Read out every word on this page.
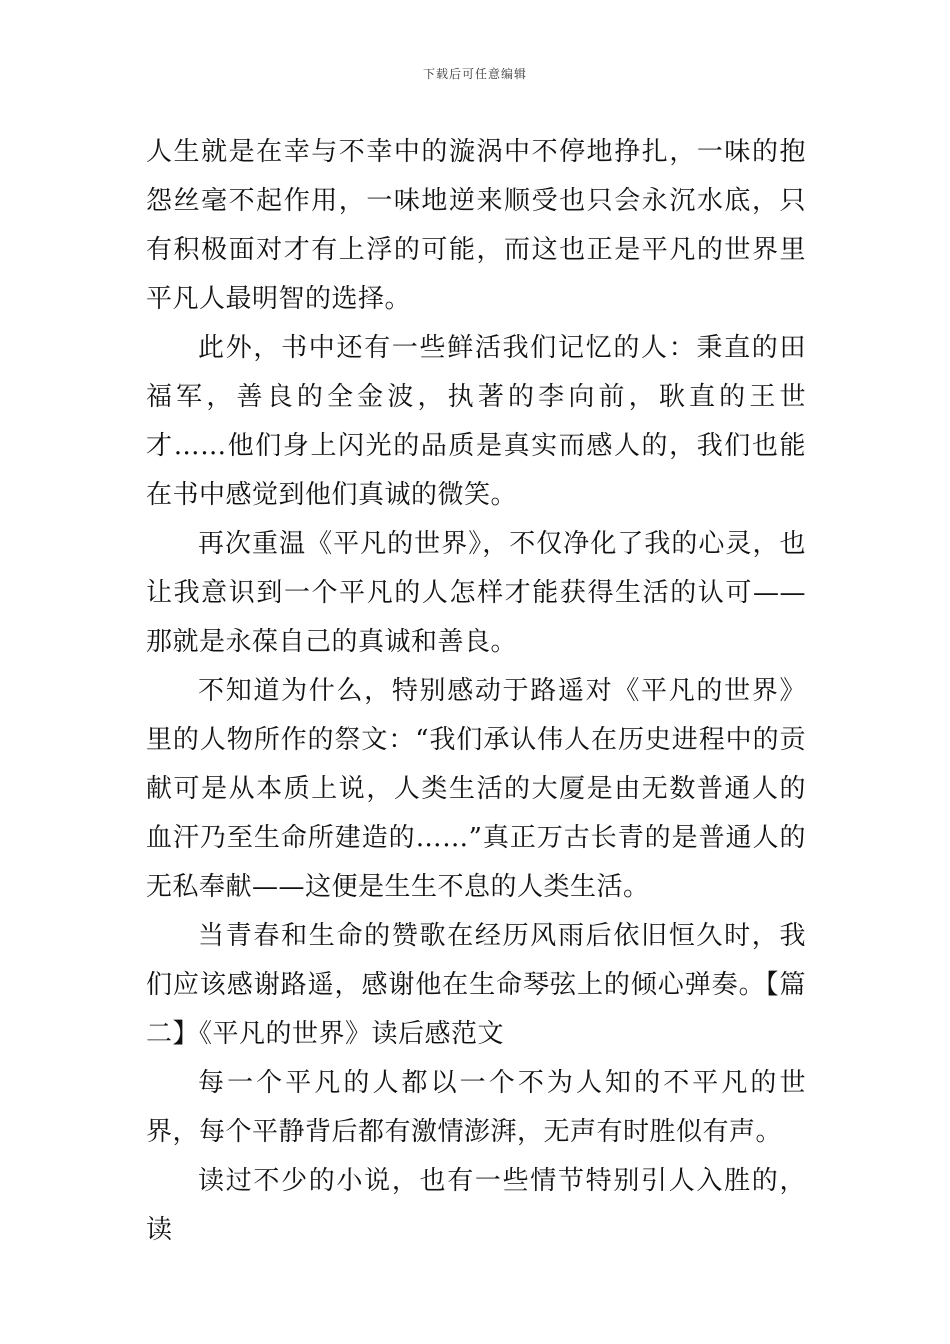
下载后可任意编辑

人生就是在幸与不幸中的漩涡中不停地挣扎，一味的抱怨丝毫不起作用，一味地逆来顺受也只会永沉水底，只有积极面对才有上浮的可能，而这也正是平凡的世界里平凡人最明智的选择。

此外，书中还有一些鲜活我们记忆的人：秉直的田福军，善良的全金波，执著的李向前，耿直的王世才……他们身上闪光的品质是真实而感人的，我们也能在书中感觉到他们真诚的微笑。

再次重温《平凡的世界》，不仅净化了我的心灵，也让我意识到一个平凡的人怎样才能获得生活的认可——那就是永葆自己的真诚和善良。

不知道为什么，特别感动于路遥对《平凡的世界》里的人物所作的祭文：“我们承认伟人在历史进程中的贡献可是从本质上说，人类生活的大厦是由无数普通人的血汗乃至生命所建造的……”真正万古长青的是普通人的无私奉献——这便是生生不息的人类生活。

当青春和生命的赞歌在经历风雨后依旧恒久时，我们应该感谢路遥，感谢他在生命琴弦上的倾心弹奏。【篇二】《平凡的世界》读后感范文

每一个平凡的人都以一个不为人知的不平凡的世界，每个平静背后都有激情澎湃，无声有时胜似有声。

读过不少的小说，也有一些情节特别引人入胜的，读
